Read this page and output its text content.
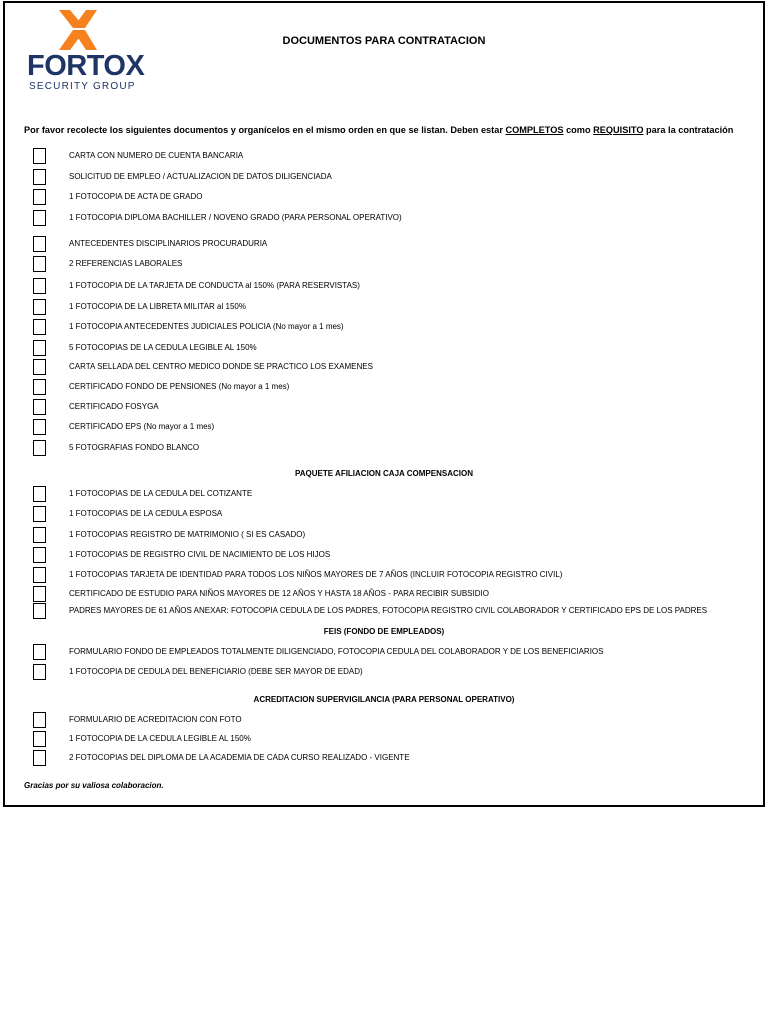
FORTOX
SECURITY GROUP
DOCUMENTOS PARA CONTRATACION
Por favor recolecte los siguientes documentos y organícelos en el mismo orden en que se listan. Deben estar COMPLETOS como REQUISITO para la contratación
CARTA CON NUMERO DE CUENTA BANCARIA
SOLICITUD DE EMPLEO / ACTUALIZACION DE DATOS DILIGENCIADA
1 FOTOCOPIA DE ACTA DE GRADO
1 FOTOCOPIA DIPLOMA BACHILLER / NOVENO GRADO (PARA PERSONAL OPERATIVO)
ANTECEDENTES DISCIPLINARIOS PROCURADURIA
2 REFERENCIAS LABORALES
1 FOTOCOPIA DE LA TARJETA DE CONDUCTA al 150% (PARA RESERVISTAS)
1 FOTOCOPIA DE LA LIBRETA MILITAR al 150%
1 FOTOCOPIA ANTECEDENTES JUDICIALES POLICIA (No mayor a 1 mes)
5 FOTOCOPIAS DE LA CEDULA LEGIBLE AL 150%
CARTA SELLADA DEL CENTRO MEDICO DONDE SE PRACTICO LOS EXAMENES
CERTIFICADO FONDO DE PENSIONES (No mayor a 1 mes)
CERTIFICADO FOSYGA
CERTIFICADO EPS (No mayor a 1 mes)
5 FOTOGRAFIAS FONDO BLANCO
PAQUETE AFILIACION CAJA COMPENSACION
1 FOTOCOPIAS DE LA CEDULA DEL COTIZANTE
1 FOTOCOPIAS DE LA CEDULA ESPOSA
1 FOTOCOPIAS REGISTRO DE MATRIMONIO ( SI ES CASADO)
1 FOTOCOPIAS DE REGISTRO CIVIL DE NACIMIENTO DE LOS HIJOS
1 FOTOCOPIAS TARJETA DE IDENTIDAD PARA TODOS LOS NIÑOS MAYORES DE 7 AÑOS (INCLUIR FOTOCOPIA REGISTRO CIVIL)
CERTIFICADO DE ESTUDIO PARA NIÑOS MAYORES DE 12 AÑOS Y HASTA 18 AÑOS - PARA RECIBIR SUBSIDIO
PADRES MAYORES DE 61 AÑOS ANEXAR: FOTOCOPIA CEDULA DE LOS PADRES, FOTOCOPIA REGISTRO CIVIL COLABORADOR Y CERTIFICADO EPS DE LOS PADRES
FEIS (FONDO DE EMPLEADOS)
FORMULARIO FONDO DE EMPLEADOS TOTALMENTE DILIGENCIADO, FOTOCOPIA CEDULA DEL COLABORADOR Y DE LOS BENEFICIARIOS
1 FOTOCOPIA DE CEDULA DEL BENEFICIARIO (DEBE SER MAYOR DE EDAD)
ACREDITACION SUPERVIGILANCIA (PARA PERSONAL OPERATIVO)
FORMULARIO DE ACREDITACION CON FOTO
1 FOTOCOPIA DE LA CEDULA LEGIBLE AL 150%
2 FOTOCOPIAS DEL DIPLOMA DE LA ACADEMIA DE CADA CURSO REALIZADO - VIGENTE
Gracias por su valiosa colaboracion.
